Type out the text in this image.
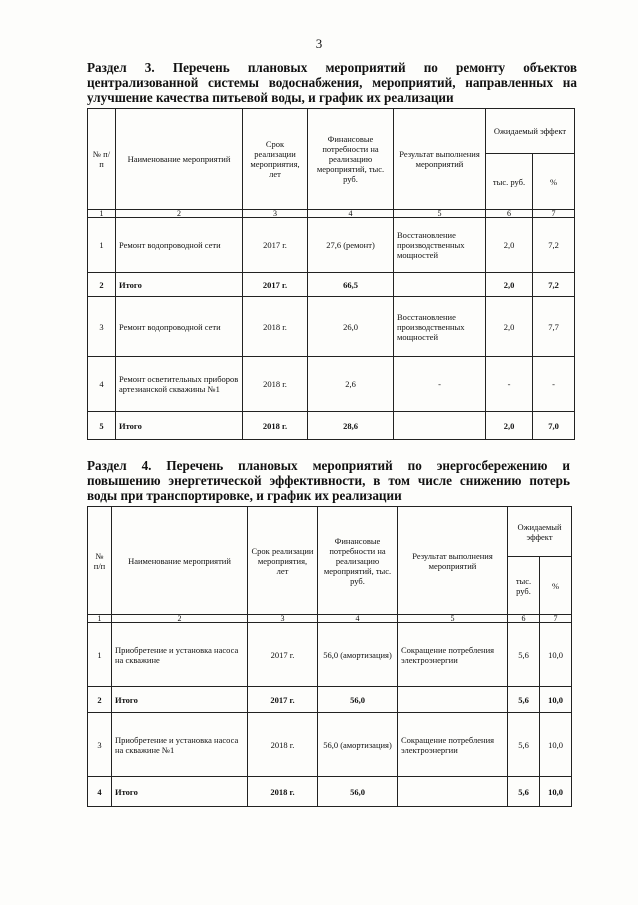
3
Раздел 3. Перечень плановых мероприятий по ремонту объектов
централизованной системы водоснабжения, мероприятий, направленных на
улучшение качества питьевой воды, и график их реализации
№ п/п	Наименование мероприятий	Срок реализации мероприятия, лет	Финансовые потребности на реализацию мероприятий, тыс. руб.	Результат выполнения мероприятий	Ожидаемый эффект	
					тыс. руб.	%
1	2	3	4	5	6	7
1	Ремонт водопроводной сети	2017 г.	27,6 (ремонт)	Восстановление производственных мощностей	2,0	7,2
2	Итого	2017 г.	66,5		2,0	7,2
3	Ремонт водопроводной сети	2018 г.	26,0	Восстановление производственных мощностей	2,0	7,7
4	Ремонт осветительных приборов артезианской скважины №1	2018 г.	2,6	-	-	-
5	Итого	2018 г.	28,6		2,0	7,0
Раздел 4. Перечень плановых мероприятий по энергосбережению и
повышению энергетической эффективности, в том числе снижению потерь
воды при транспортировке, и график их реализации
№ п/п	Наименование мероприятий	Срок реализации мероприятия, лет	Финансовые потребности на реализацию мероприятий, тыс. руб.	Результат выполнения мероприятий	Ожидаемый эффект	
					тыс. руб.	%
1	2	3	4	5	6	7
1	Приобретение и установка насоса на скважине	2017 г.	56,0 (амортизация)	Сокращение потребления электроэнергии	5,6	10,0
2	Итого	2017 г.	56,0		5,6	10,0
3	Приобретение и установка насоса на скважине №1	2018 г.	56,0 (амортизация)	Сокращение потребления электроэнергии	5,6	10,0
4	Итого	2018 г.	56,0		5,6	10,0
